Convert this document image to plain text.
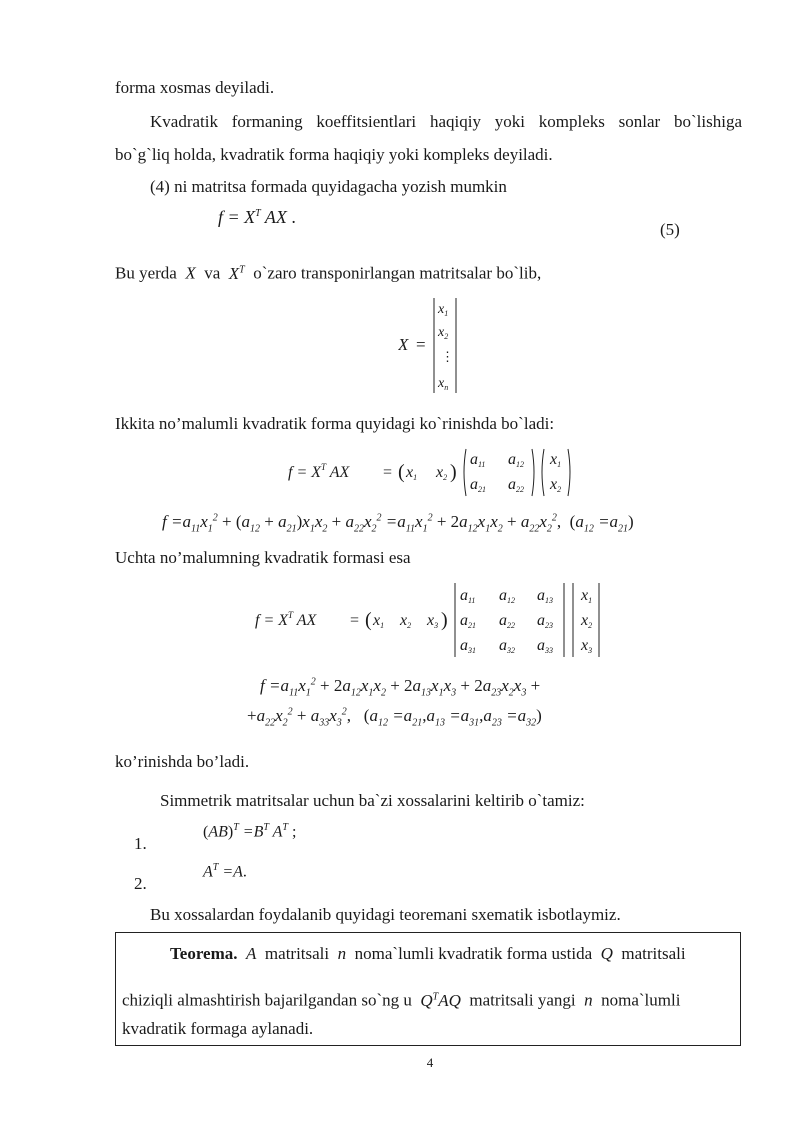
forma xosmas deyiladi.
Kvadratik formaning koeffitsientlari haqiqiy yoki kompleks sonlar bo`lishiga
bo`g`liq holda, kvadratik forma haqiqiy yoki kompleks deyiladi.
(4) ni matritsa formada quyidagacha yozish mumkin
$f = X^T$ AX .
(5)
Bu yerda  X  va  $X^T$ o`zaro transponirlangan matritsalar bo`lib,
X =
$x_1$
$x_2$
⋮
$x_n$
Ikkita no’malumli kvadratik forma quyidagi ko`rinishda bo`ladi:
$f = X^T$ AX = ( x1 x2 )
a11 a12
a21 a22
x1
x2
$f =a_{11}x_1^2 + (a_{12} + a_{21})x_1x_2 + a_{22}x_2^2 =a_{11}x_1^2 + 2a_{12}x_1x_2 + a_{22}x_2^2$,  $(a_{12} =a_{21})$
Uchta no’malumning kvadratik formasi esa
$f = X^T$ AX = ( x1 x2 x3 )
a11 a12 a13
a21 a22 a23
a31 a32 a33
x1
x2
x3
$f =a_{11}x_1^2 + 2a_{12}x_1x_2 + 2a_{13}x_1x_3 + 2a_{23}x_2x_3$ +
$+a_{22}x_2^2 + a_{33}x_3^2$,   $(a_{12} =a_{21},a_{13} =a_{31},a_{23} =a_{32})$
ko’rinishda bo’ladi.
Simmetrik matritsalar uchun ba`zi xossalarini keltirib o`tamiz:
1.
$(AB)^T =B^T$ $A^T$ ;
2.
$A^T =A$.
Bu xossalardan foydalanib quyidagi teoremani sxematik isbotlaymiz.
Teorema.  A  matritsali  n  noma`lumli kvadratik forma ustida  Q  matritsali
chiziqli almashtirish bajarilgandan so`ng u  $Q^TAQ$  matritsali yangi  n  noma`lumli
kvadratik formaga aylanadi.
4
